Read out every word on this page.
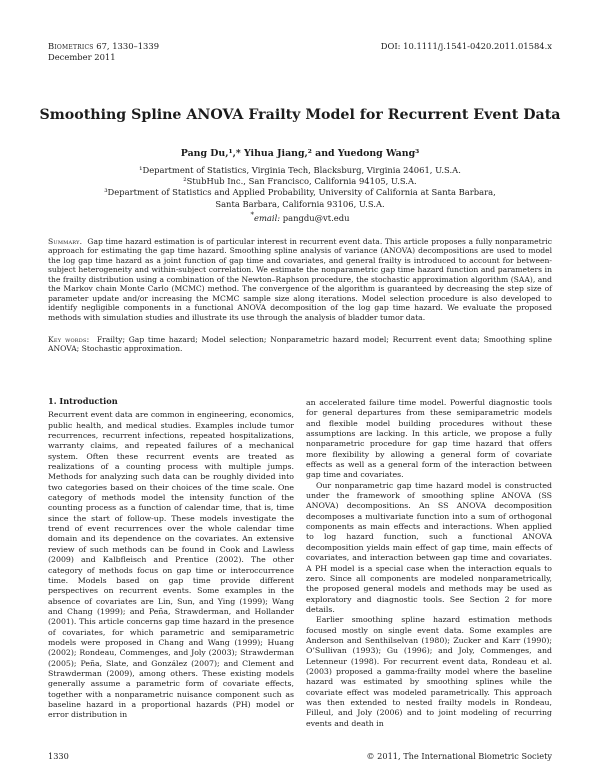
Biometrics 67, 1330–1339
December 2011
DOI: 10.1111/j.1541-0420.2011.01584.x
Smoothing Spline ANOVA Frailty Model for Recurrent Event Data
Pang Du,¹,* Yihua Jiang,² and Yuedong Wang³
¹Department of Statistics, Virginia Tech, Blacksburg, Virginia 24061, U.S.A.
²StubHub Inc., San Francisco, California 94105, U.S.A.
³Department of Statistics and Applied Probability, University of California at Santa Barbara,
Santa Barbara, California 93106, U.S.A.
*email: pangdu@vt.edu

Summary. Gap time hazard estimation is of particular interest in recurrent event data. This article proposes a fully nonparametric approach for estimating the gap time hazard. Smoothing spline analysis of variance (ANOVA) decompositions are used to model the log gap time hazard as a joint function of gap time and covariates, and general frailty is introduced to account for between-subject heterogeneity and within-subject correlation. We estimate the nonparametric gap time hazard function and parameters in the frailty distribution using a combination of the Newton–Raphson procedure, the stochastic approximation algorithm (SAA), and the Markov chain Monte Carlo (MCMC) method. The convergence of the algorithm is guaranteed by decreasing the step size of parameter update and/or increasing the MCMC sample size along iterations. Model selection procedure is also developed to identify negligible components in a functional ANOVA decomposition of the log gap time hazard. We evaluate the proposed methods with simulation studies and illustrate its use through the analysis of bladder tumor data.

Key words: Frailty; Gap time hazard; Model selection; Nonparametric hazard model; Recurrent event data; Smoothing spline ANOVA; Stochastic approximation.

1. Introduction

Recurrent event data are common in engineering, economics, public health, and medical studies. Examples include tumor recurrences, recurrent infections, repeated hospitalizations, warranty claims, and repeated failures of a mechanical system. Often these recurrent events are treated as realizations of a counting process with multiple jumps. Methods for analyzing such data can be roughly divided into two categories based on their choices of the time scale. One category of methods model the intensity function of the counting process as a function of calendar time, that is, time since the start of follow-up. These models investigate the trend of event recurrences over the whole calendar time domain and its dependence on the covariates. An extensive review of such methods can be found in Cook and Lawless (2009) and Kalbfleisch and Prentice (2002). The other category of methods focus on gap time or interoccurrence time. Models based on gap time provide different perspectives on recurrent events. Some examples in the absence of covariates are Lin, Sun, and Ying (1999); Wang and Chang (1999); and Peña, Strawderman, and Hollander (2001). This article concerns gap time hazard in the presence of covariates, for which parametric and semiparametric models were proposed in Chang and Wang (1999); Huang (2002); Rondeau, Commenges, and Joly (2003); Strawderman (2005); Peña, Slate, and González (2007); and Clement and Strawderman (2009), among others. These existing models generally assume a parametric form of covariate effects, together with a nonparametric nuisance component such as baseline hazard in a proportional hazards (PH) model or error distribution in

an accelerated failure time model. Powerful diagnostic tools for general departures from these semiparametric models and flexible model building procedures without these assumptions are lacking. In this article, we propose a fully nonparametric procedure for gap time hazard that offers more flexibility by allowing a general form of covariate effects as well as a general form of the interaction between gap time and covariates.

Our nonparametric gap time hazard model is constructed under the framework of smoothing spline ANOVA (SS ANOVA) decompositions. An SS ANOVA decomposition decomposes a multivariate function into a sum of orthogonal components as main effects and interactions. When applied to log hazard function, such a functional ANOVA decomposition yields main effect of gap time, main effects of covariates, and interaction between gap time and covariates. A PH model is a special case when the interaction equals to zero. Since all components are modeled nonparametrically, the proposed general models and methods may be used as exploratory and diagnostic tools. See Section 2 for more details.

Earlier smoothing spline hazard estimation methods focused mostly on single event data. Some examples are Anderson and Senthilselvan (1980); Zucker and Karr (1990); O’Sullivan (1993); Gu (1996); and Joly, Commenges, and Letenneur (1998). For recurrent event data, Rondeau et al. (2003) proposed a gamma-frailty model where the baseline hazard was estimated by smoothing splines while the covariate effect was modeled parametrically. This approach was then extended to nested frailty models in Rondeau, Filleul, and Joly (2006) and to joint modeling of recurring events and death in

1330	© 2011, The International Biometric Society
